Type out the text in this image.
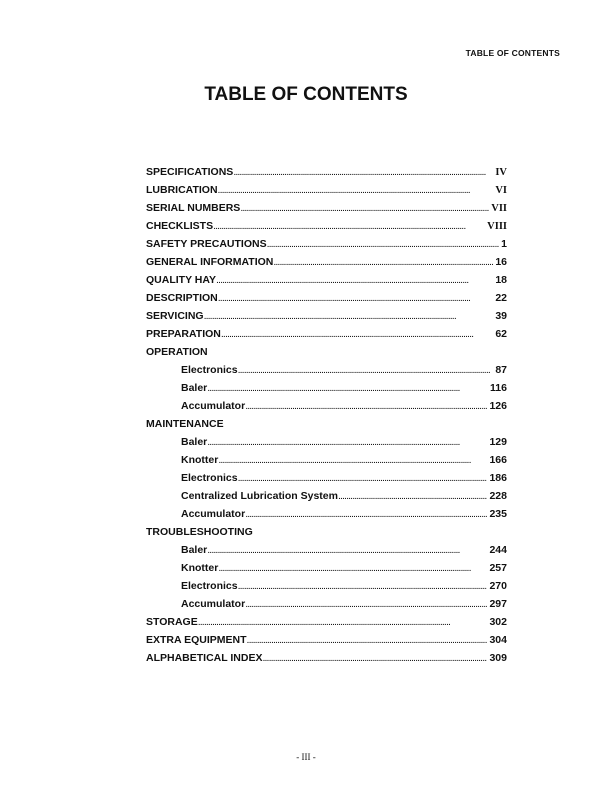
TABLE OF CONTENTS
TABLE OF CONTENTS
SPECIFICATIONS . . .	IV
LUBRICATION . . .	VI
SERIAL NUMBERS . . .	VII
CHECKLISTS . . .	VIII
SAFETY PRECAUTIONS . . .	1
GENERAL INFORMATION . . .	16
QUALITY HAY . . .	18
DESCRIPTION . . .	22
SERVICING . . .	39
PREPARATION . . .	62
OPERATION
Electronics . . .	87
Baler . . .	116
Accumulator . . .	126
MAINTENANCE
Baler . . .	129
Knotter . . .	166
Electronics . . .	186
Centralized Lubrication System . . .	228
Accumulator . . .	235
TROUBLESHOOTING
Baler . . .	244
Knotter . . .	257
Electronics . . .	270
Accumulator . . .	297
STORAGE . . .	302
EXTRA EQUIPMENT . . .	304
ALPHABETICAL INDEX . . .	309
- III -
